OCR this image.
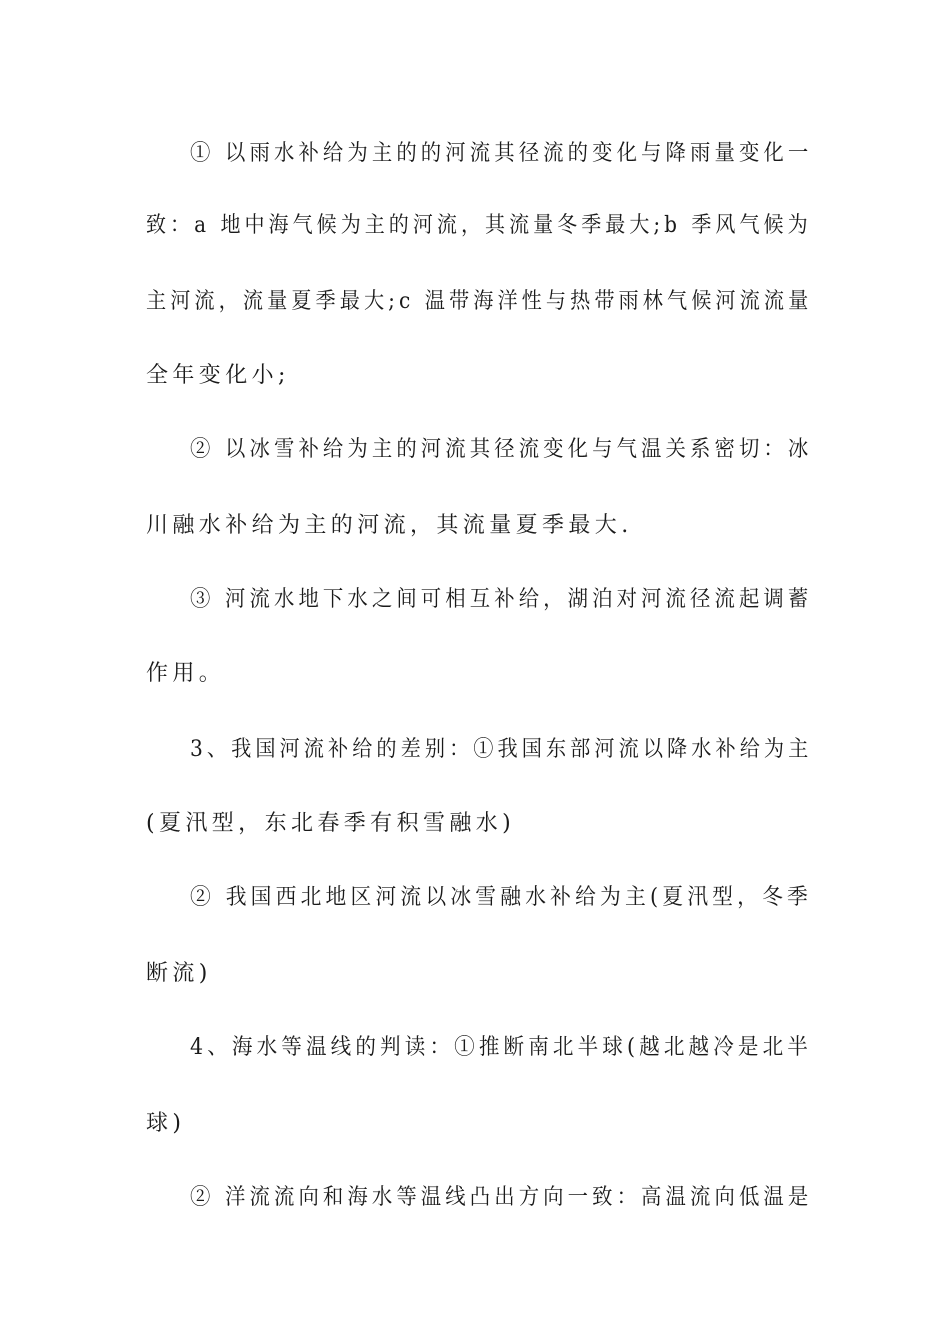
① 以雨水补给为主的的河流其径流的变化与降雨量变化一
致：a 地中海气候为主的河流，其流量冬季最大;b 季风气候为
主河流，流量夏季最大;c 温带海洋性与热带雨林气候河流流量
全年变化小;
② 以冰雪补给为主的河流其径流变化与气温关系密切：冰
川融水补给为主的河流，其流量夏季最大.
③ 河流水地下水之间可相互补给，湖泊对河流径流起调蓄
作用。
3、我国河流补给的差别：①我国东部河流以降水补给为主
(夏汛型，东北春季有积雪融水)
② 我国西北地区河流以冰雪融水补给为主(夏汛型，冬季
断流)
4、海水等温线的判读：①推断南北半球(越北越冷是北半
球)
② 洋流流向和海水等温线凸出方向一致：高温流向低温是
